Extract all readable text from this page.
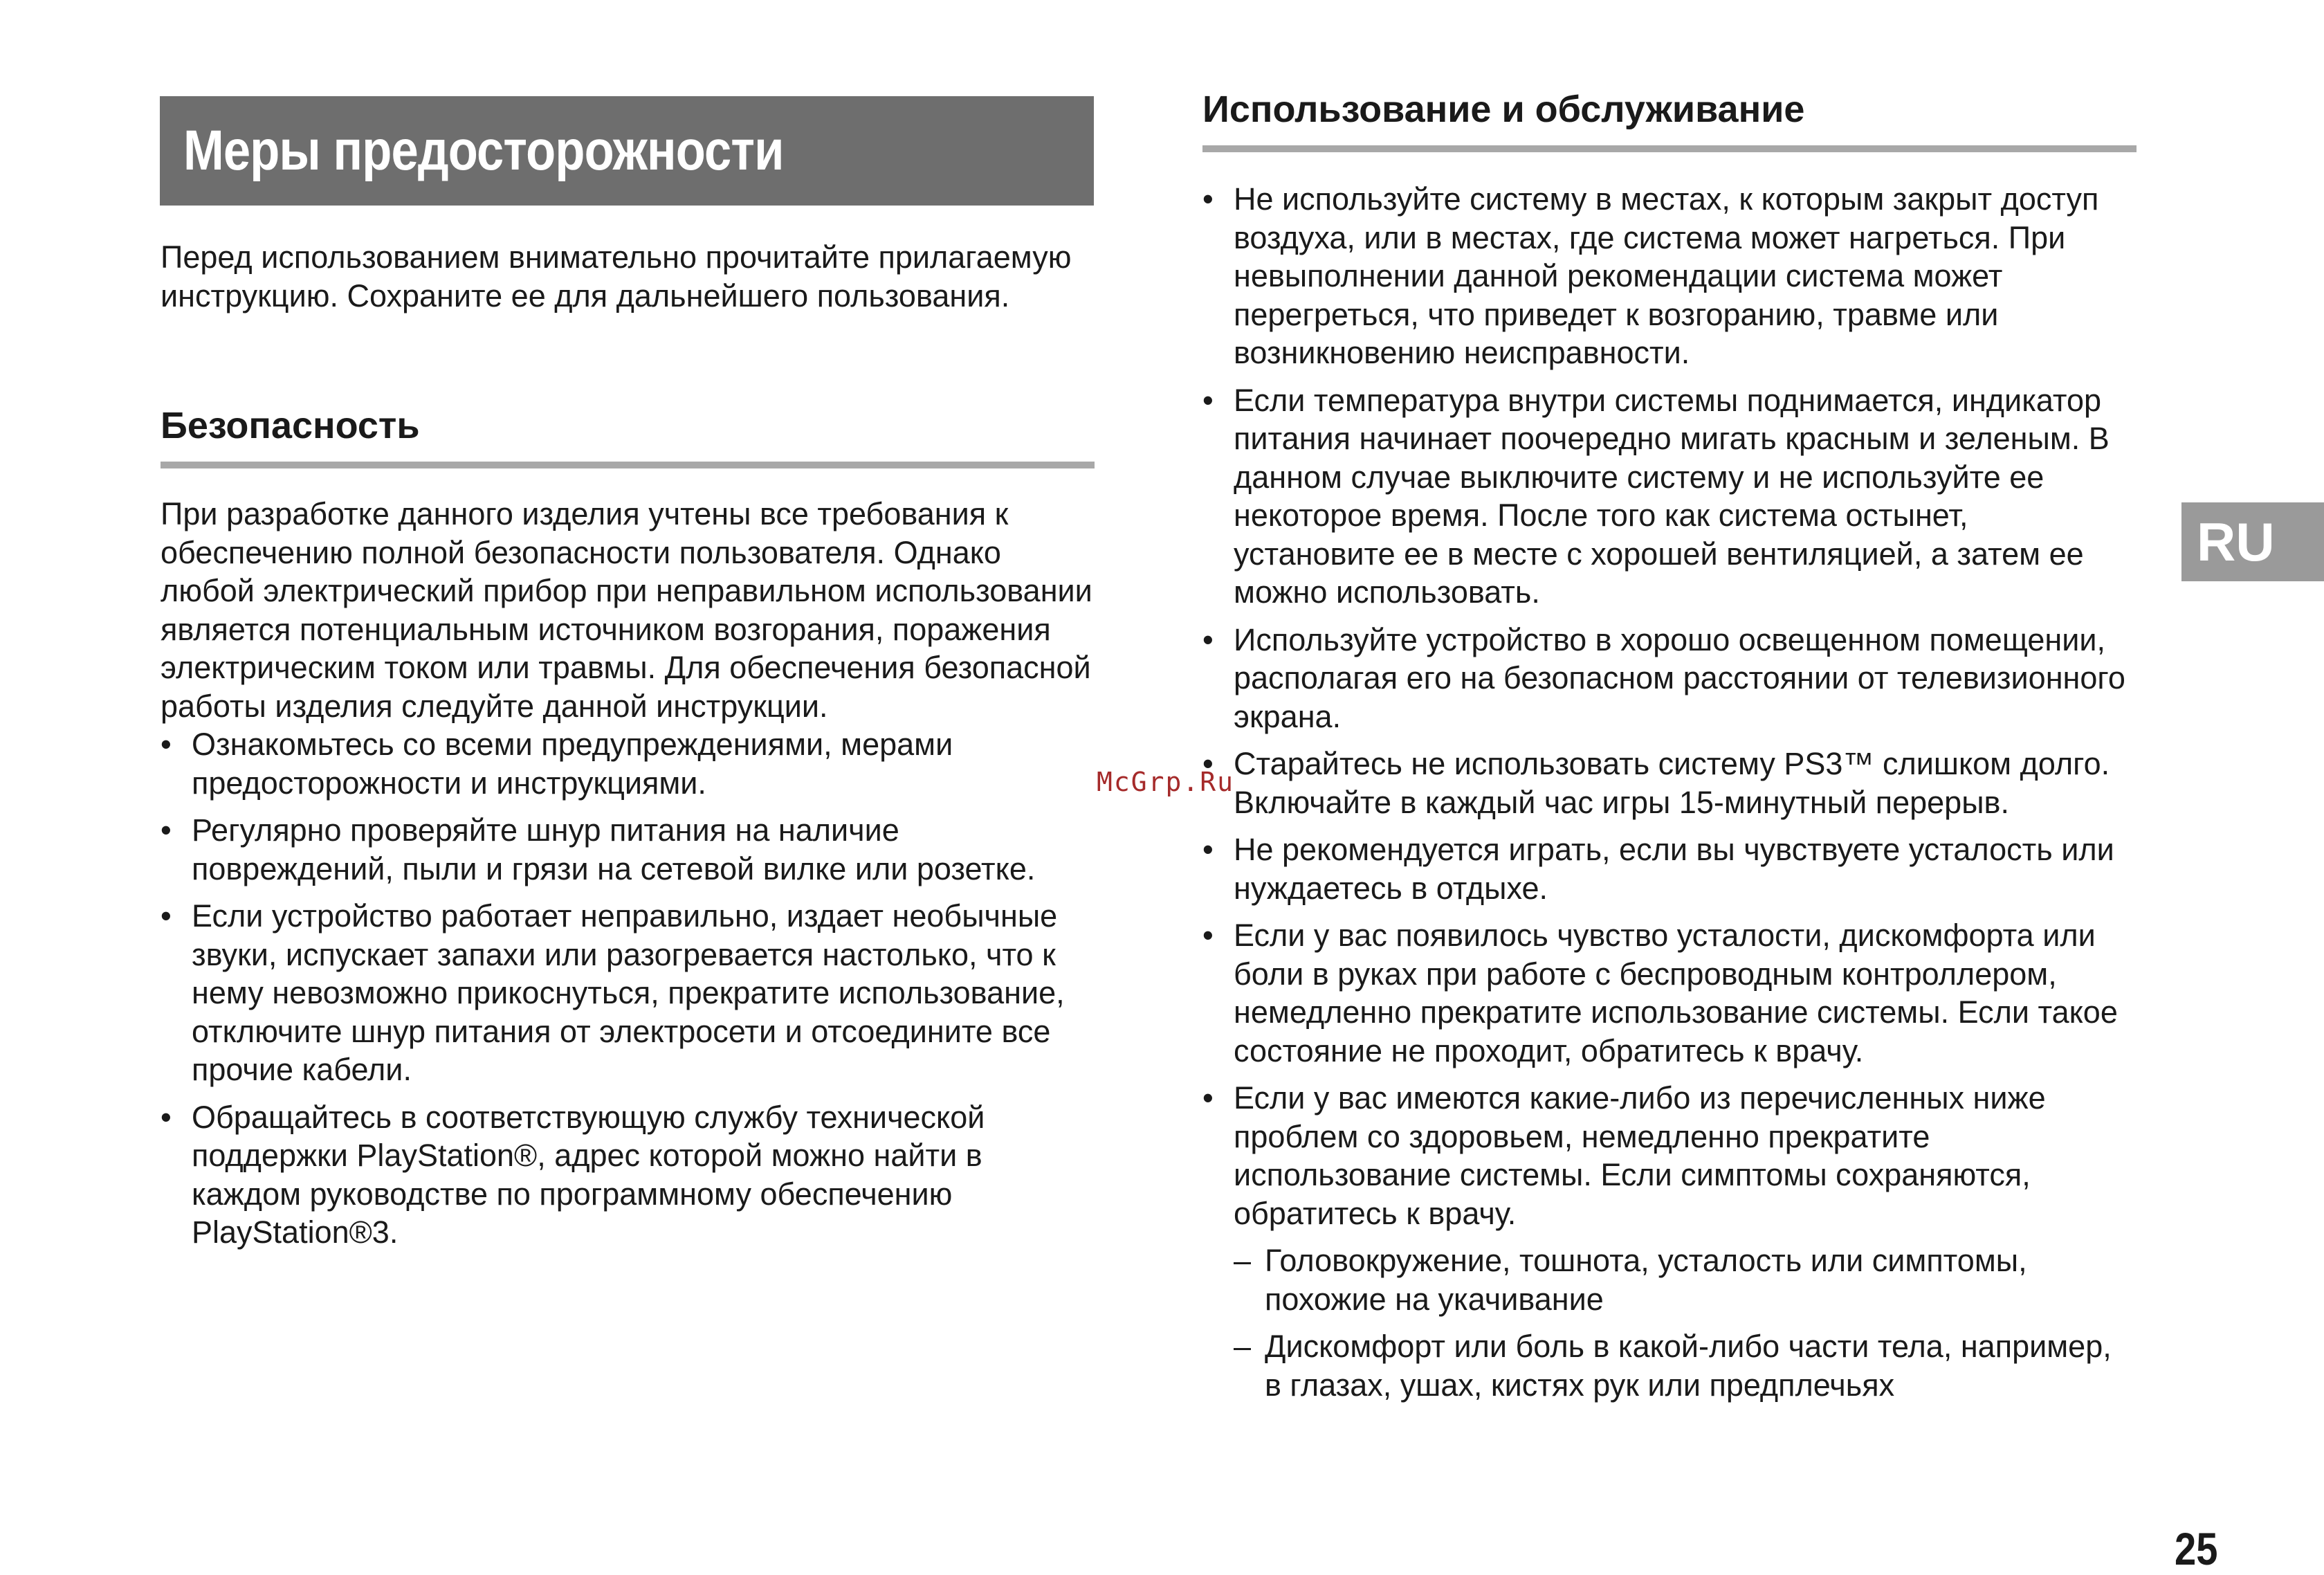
Меры предосторожности

Перед использованием внимательно прочитайте прилагаемую инструкцию. Сохраните ее для дальнейшего пользования.

Безопасность

При разработке данного изделия учтены все требования к обеспечению полной безопасности пользователя. Однако любой электрический прибор при неправильном использовании является потенциальным источником возгорания, поражения электрическим током или травмы. Для обеспечения безопасной работы изделия следуйте данной инструкции.

• Ознакомьтесь со всеми предупреждениями, мерами предосторожности и инструкциями.
• Регулярно проверяйте шнур питания на наличие повреждений, пыли и грязи на сетевой вилке или розетке.
• Если устройство работает неправильно, издает необычные звуки, испускает запахи или разогревается настолько, что к нему невозможно прикоснуться, прекратите использование, отключите шнур питания от электросети и отсоедините все прочие кабели.
• Обращайтесь в соответствующую службу технической поддержки PlayStation®, адрес которой можно найти в каждом руководстве по программному обеспечению PlayStation®3.
Использование и обслуживание
• Не используйте систему в местах, к которым закрыт доступ воздуха, или в местах, где система может нагреться. При невыполнении данной рекомендации система может перегреться, что приведет к возгоранию, травме или возникновению неисправности.
• Если температура внутри системы поднимается, индикатор питания начинает поочередно мигать красным и зеленым. В данном случае выключите систему и не используйте ее некоторое время. После того как система остынет, установите ее в месте с хорошей вентиляцией, а затем ее можно использовать.
• Используйте устройство в хорошо освещенном помещении, располагая его на безопасном расстоянии от телевизионного экрана.
• Старайтесь не использовать систему PS3™ слишком долго. Включайте в каждый час игры 15-минутный перерыв.
• Не рекомендуется играть, если вы чувствуете усталость или нуждаетесь в отдыхе.
• Если у вас появилось чувство усталости, дискомфорта или боли в руках при работе с беспроводным контроллером, немедленно прекратите использование системы. Если такое состояние не проходит, обратитесь к врачу.
• Если у вас имеются какие-либо из перечисленных ниже проблем со здоровьем, немедленно прекратите использование системы. Если симптомы сохраняются, обратитесь к врачу.
– Головокружение, тошнота, усталость или симптомы, похожие на укачивание
– Дискомфорт или боль в какой-либо части тела, например, в глазах, ушах, кистях рук или предплечьях
RU
McGrp.Ru
25
